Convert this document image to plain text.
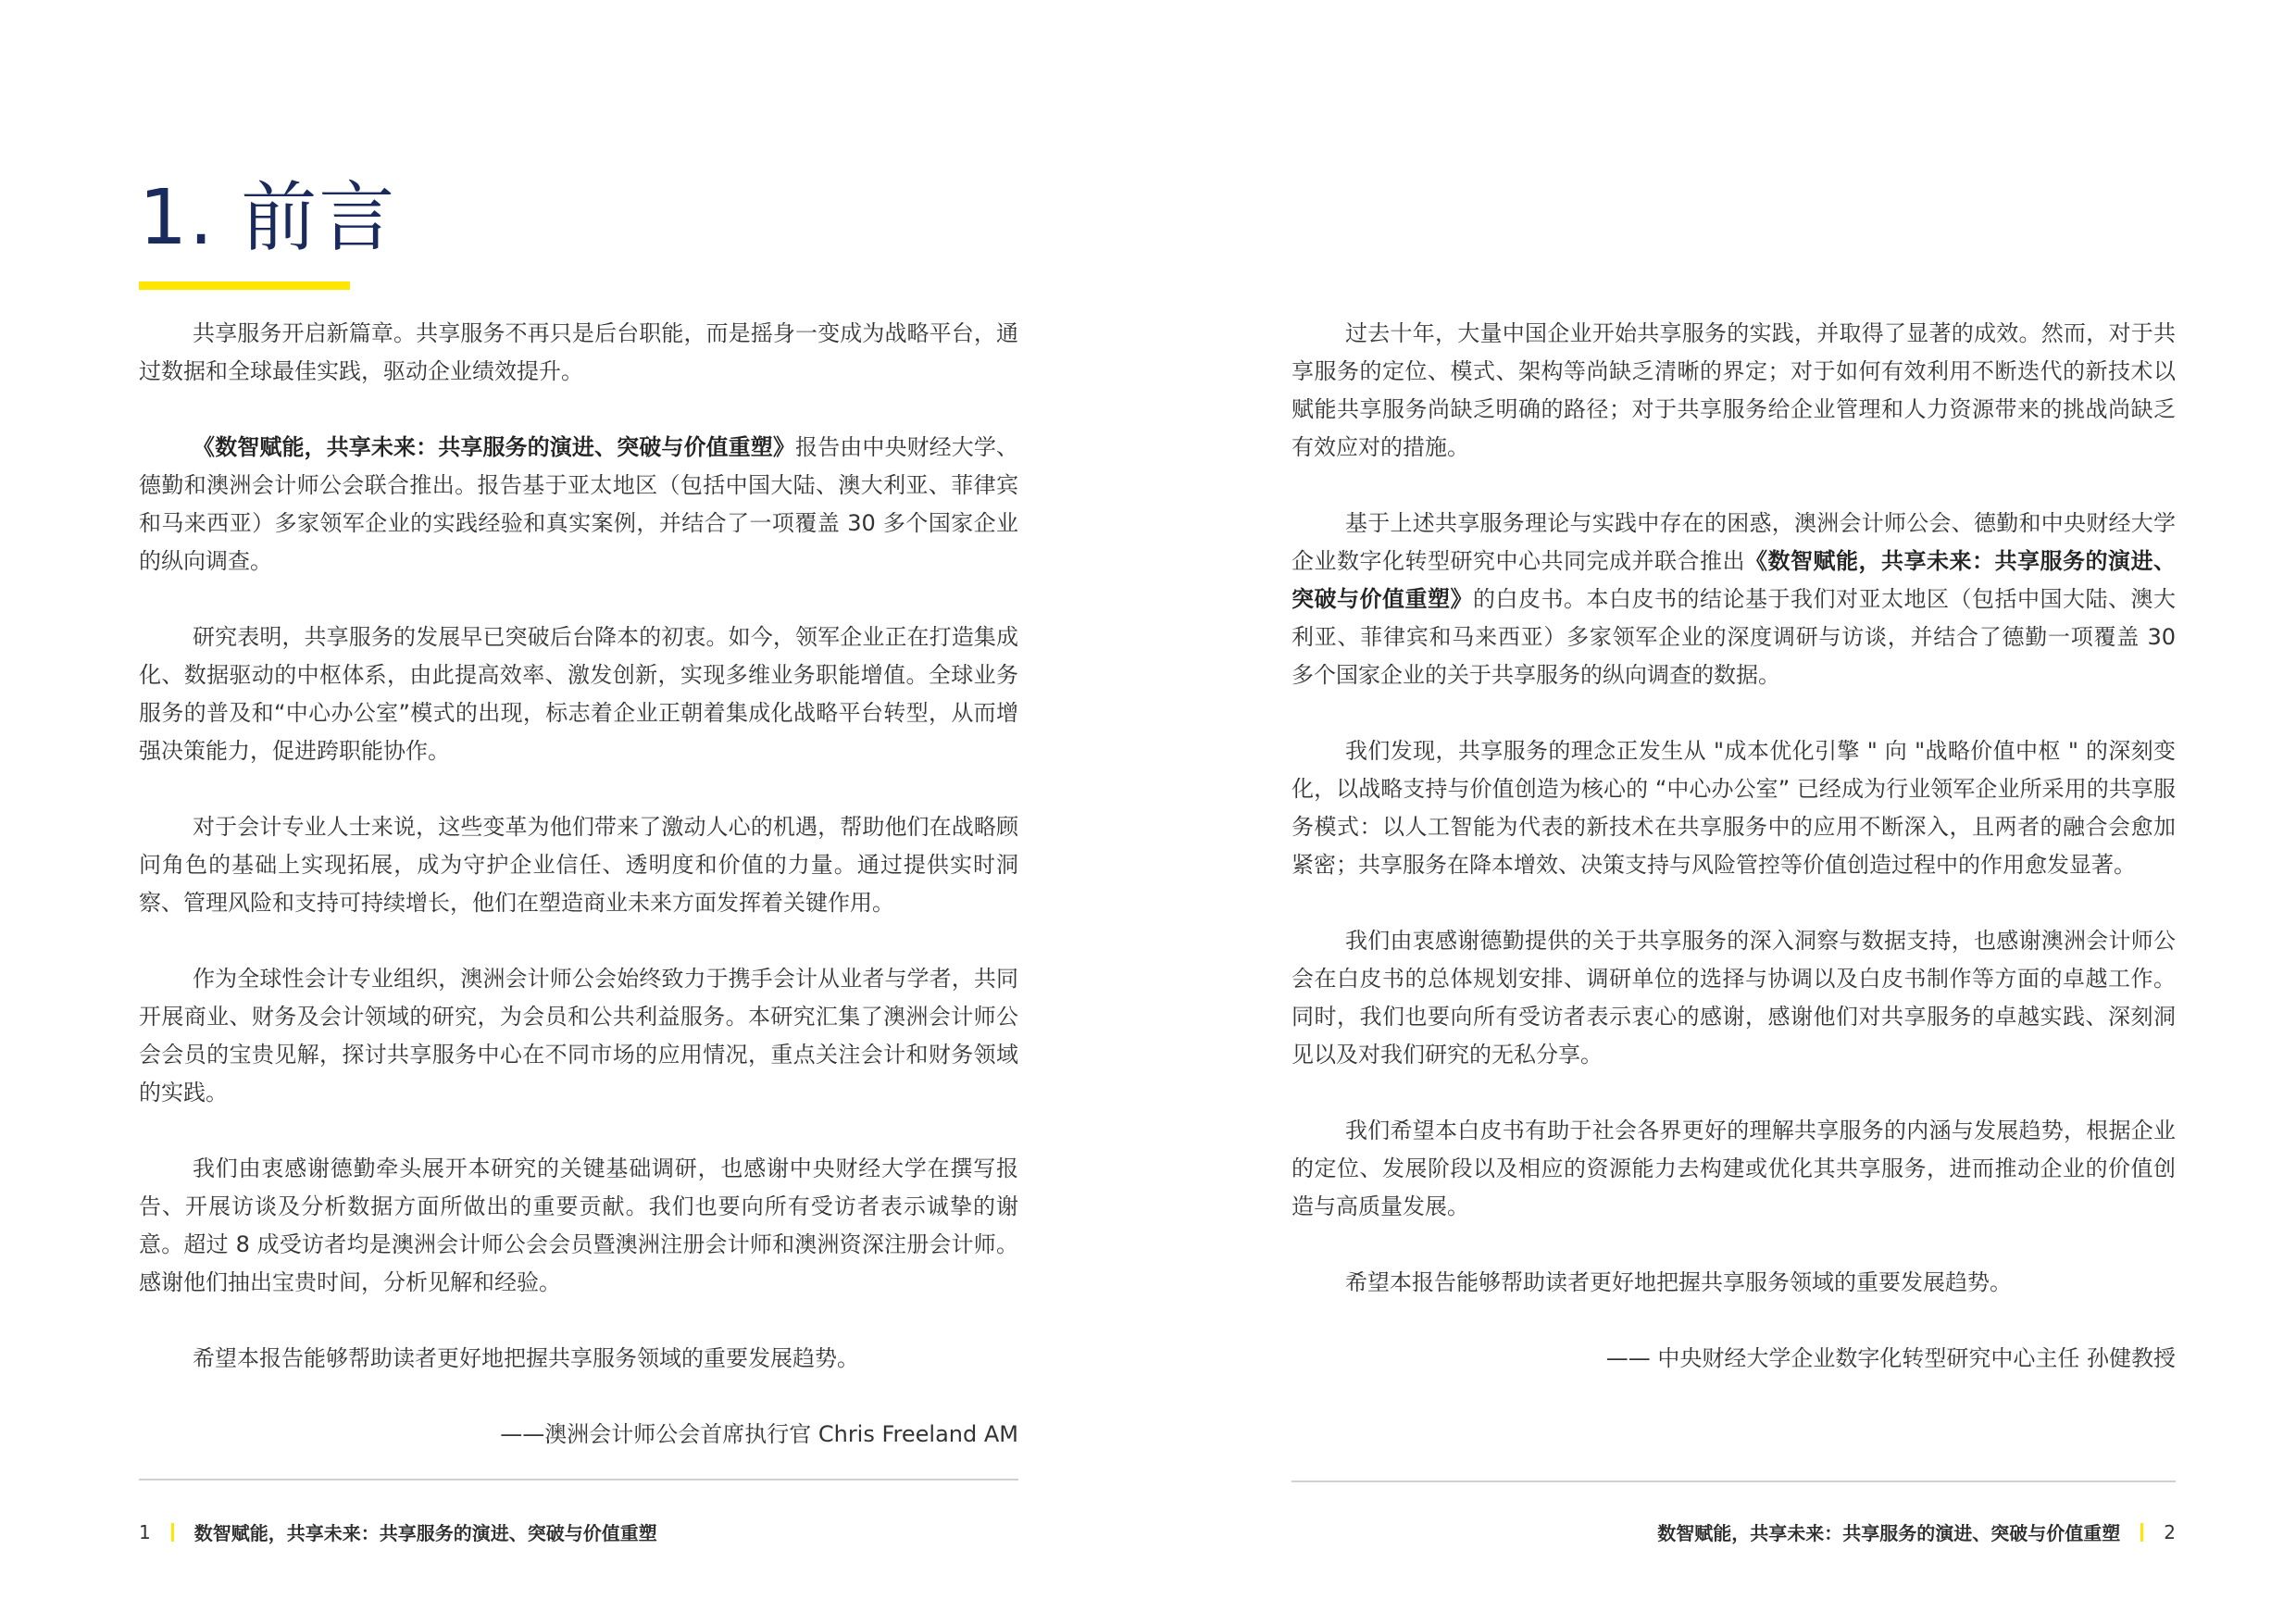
1. 前言

共享服务开启新篇章。共享服务不再只是后台职能，而是摇身一变成为战略平台，通过数据和全球最佳实践，驱动企业绩效提升。

《数智赋能，共享未来：共享服务的演进、突破与价值重塑》报告由中央财经大学、德勤和澳洲会计师公会联合推出。报告基于亚太地区（包括中国大陆、澳大利亚、菲律宾和马来西亚）多家领军企业的实践经验和真实案例，并结合了一项覆盖 30 多个国家企业的纵向调查。

研究表明，共享服务的发展早已突破后台降本的初衷。如今，领军企业正在打造集成化、数据驱动的中枢体系，由此提高效率、激发创新，实现多维业务职能增值。全球业务服务的普及和“中心办公室”模式的出现，标志着企业正朝着集成化战略平台转型，从而增强决策能力，促进跨职能协作。

对于会计专业人士来说，这些变革为他们带来了激动人心的机遇，帮助他们在战略顾问角色的基础上实现拓展，成为守护企业信任、透明度和价值的力量。通过提供实时洞察、管理风险和支持可持续增长，他们在塑造商业未来方面发挥着关键作用。

作为全球性会计专业组织，澳洲会计师公会始终致力于携手会计从业者与学者，共同开展商业、财务及会计领域的研究，为会员和公共利益服务。本研究汇集了澳洲会计师公会会员的宝贵见解，探讨共享服务中心在不同市场的应用情况，重点关注会计和财务领域的实践。

我们由衷感谢德勤牵头展开本研究的关键基础调研，也感谢中央财经大学在撰写报告、开展访谈及分析数据方面所做出的重要贡献。我们也要向所有受访者表示诚挚的谢意。超过 8 成受访者均是澳洲会计师公会会员暨澳洲注册会计师和澳洲资深注册会计师。感谢他们抽出宝贵时间，分析见解和经验。

希望本报告能够帮助读者更好地把握共享服务领域的重要发展趋势。

——澳洲会计师公会首席执行官 Chris Freeland AM

1 数智赋能，共享未来：共享服务的演进、突破与价值重塑

过去十年，大量中国企业开始共享服务的实践，并取得了显著的成效。然而，对于共享服务的定位、模式、架构等尚缺乏清晰的界定；对于如何有效利用不断迭代的新技术以赋能共享服务尚缺乏明确的路径；对于共享服务给企业管理和人力资源带来的挑战尚缺乏有效应对的措施。

基于上述共享服务理论与实践中存在的困惑，澳洲会计师公会、德勤和中央财经大学企业数字化转型研究中心共同完成并联合推出《数智赋能，共享未来：共享服务的演进、突破与价值重塑》的白皮书。本白皮书的结论基于我们对亚太地区（包括中国大陆、澳大利亚、菲律宾和马来西亚）多家领军企业的深度调研与访谈，并结合了德勤一项覆盖 30 多个国家企业的关于共享服务的纵向调查的数据。

我们发现，共享服务的理念正发生从 "成本优化引擎 " 向 "战略价值中枢 " 的深刻变化，以战略支持与价值创造为核心的 “中心办公室” 已经成为行业领军企业所采用的共享服务模式：以人工智能为代表的新技术在共享服务中的应用不断深入，且两者的融合会愈加紧密；共享服务在降本增效、决策支持与风险管控等价值创造过程中的作用愈发显著。

我们由衷感谢德勤提供的关于共享服务的深入洞察与数据支持，也感谢澳洲会计师公会在白皮书的总体规划安排、调研单位的选择与协调以及白皮书制作等方面的卓越工作。同时，我们也要向所有受访者表示衷心的感谢，感谢他们对共享服务的卓越实践、深刻洞见以及对我们研究的无私分享。

我们希望本白皮书有助于社会各界更好的理解共享服务的内涵与发展趋势，根据企业的定位、发展阶段以及相应的资源能力去构建或优化其共享服务，进而推动企业的价值创造与高质量发展。

希望本报告能够帮助读者更好地把握共享服务领域的重要发展趋势。

—— 中央财经大学企业数字化转型研究中心主任 孙健教授

数智赋能，共享未来：共享服务的演进、突破与价值重塑 2
